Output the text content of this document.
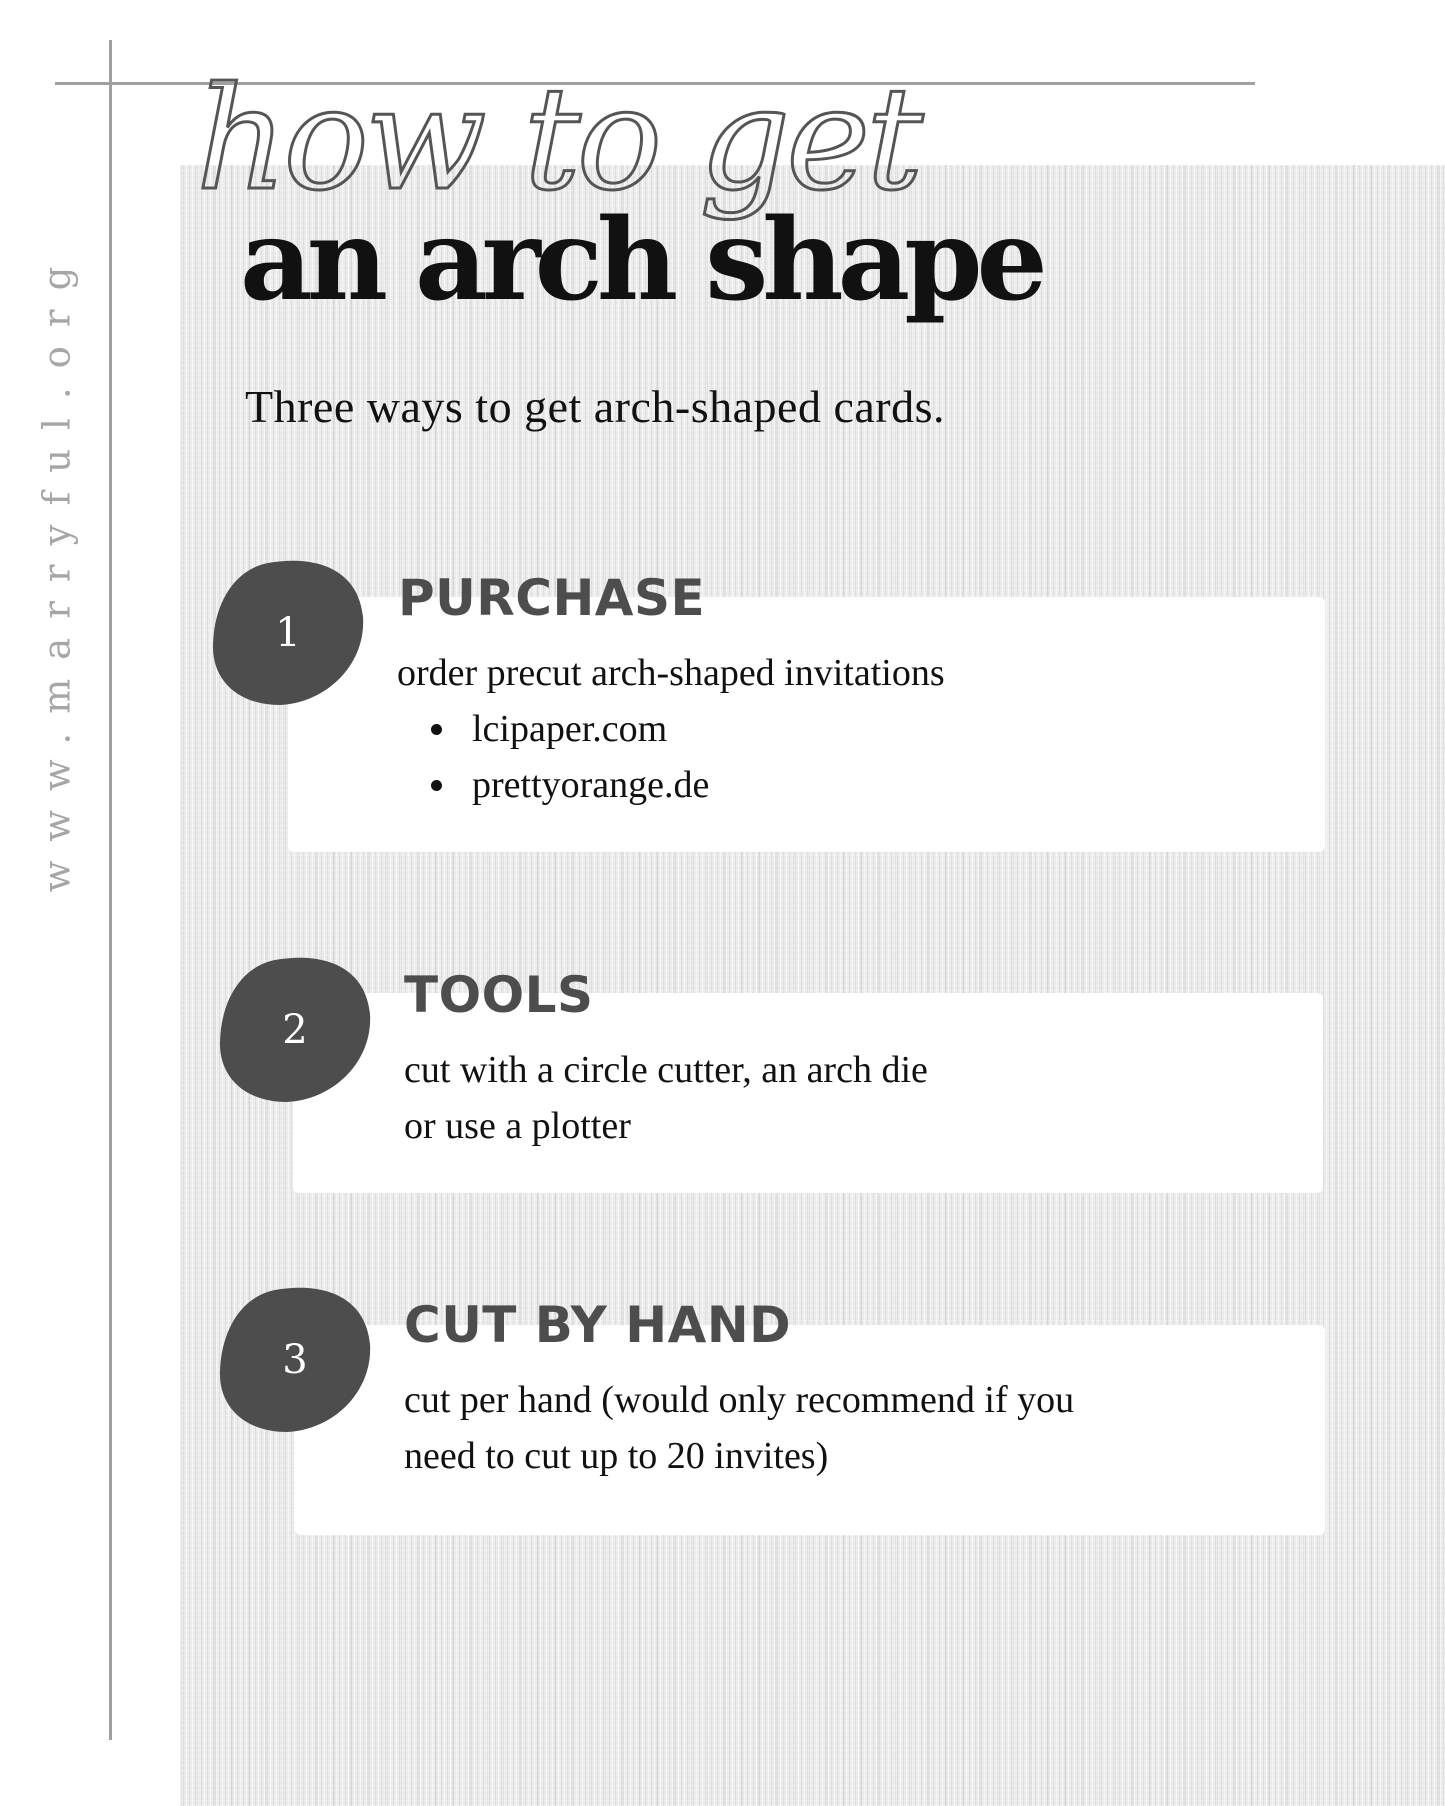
www.marryful.org
how to get
an arch shape

Three ways to get arch-shaped cards.

1
PURCHASE

order precut arch-shaped invitations

lcipaper.com
prettyorange.de
2
TOOLS
cut with a circle cutter, an arch die
or use a plotter
3
CUT BY HAND
cut per hand (would only recommend if you
need to cut up to 20 invites)
